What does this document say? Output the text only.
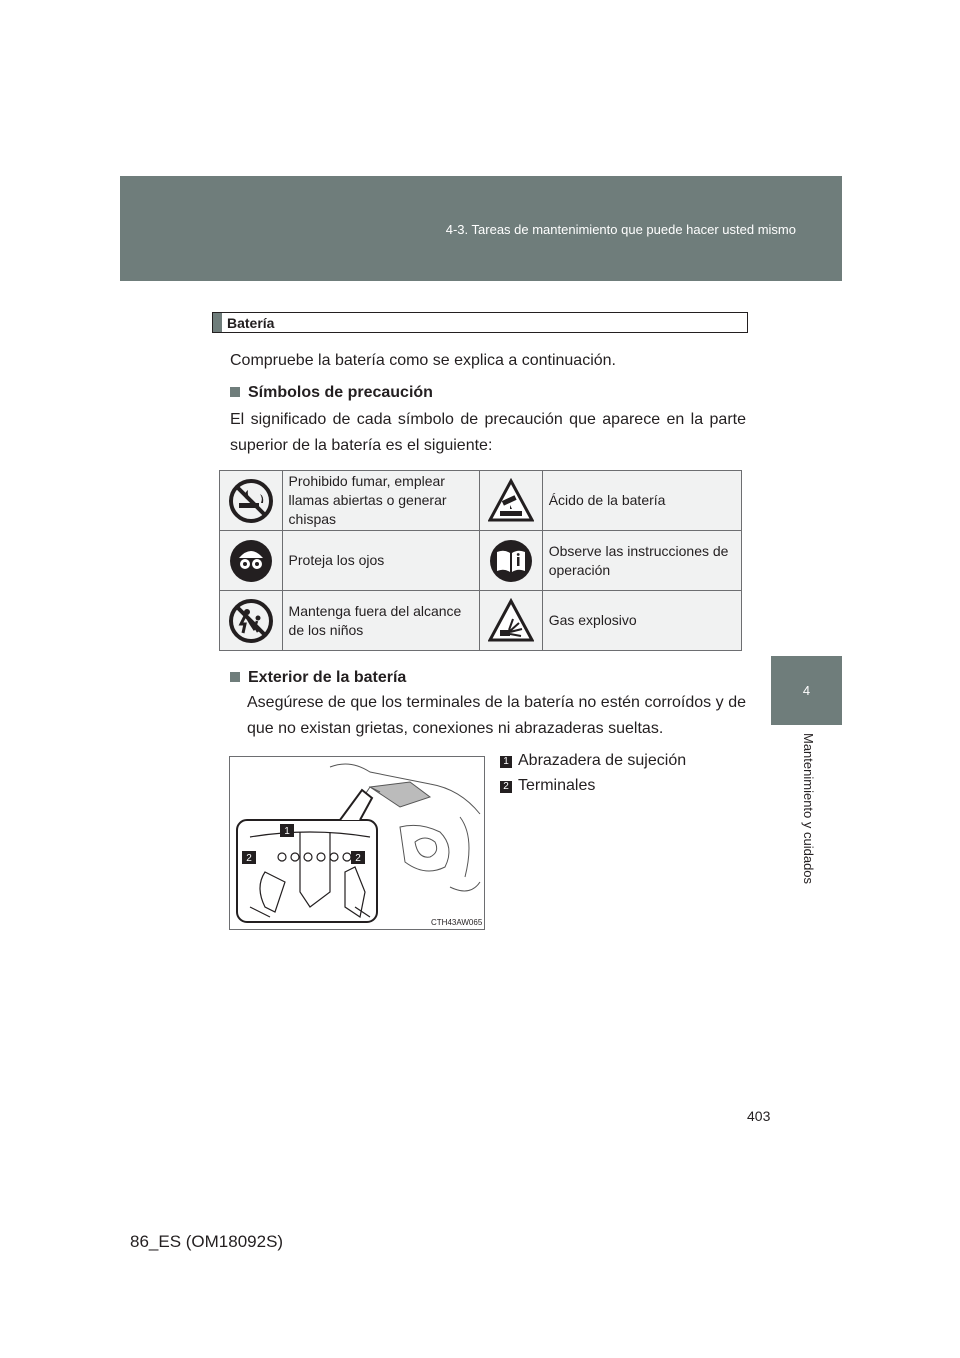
4-3. Tareas de mantenimiento que puede hacer usted mismo
4
Mantenimiento y cuidados
Batería
Compruebe la batería como se explica a continuación.
Símbolos de precaución
El significado de cada símbolo de precaución que aparece en la parte superior de la batería es el siguiente:
	Prohibido fumar, emplear llamas abiertas o generar chispas		Ácido de la batería

	Proteja los ojos		Observe las instrucciones de operación

	Mantenga fuera del alcance de los niños		Gas explosivo
Exterior de la batería
Asegúrese de que los terminales de la batería no estén corroídos y de que no existan grietas, conexiones ni abrazaderas sueltas.
1
2	2
CTH43AW065
1 Abrazadera de sujeción
2 Terminales
403
86_ES (OM18092S)
